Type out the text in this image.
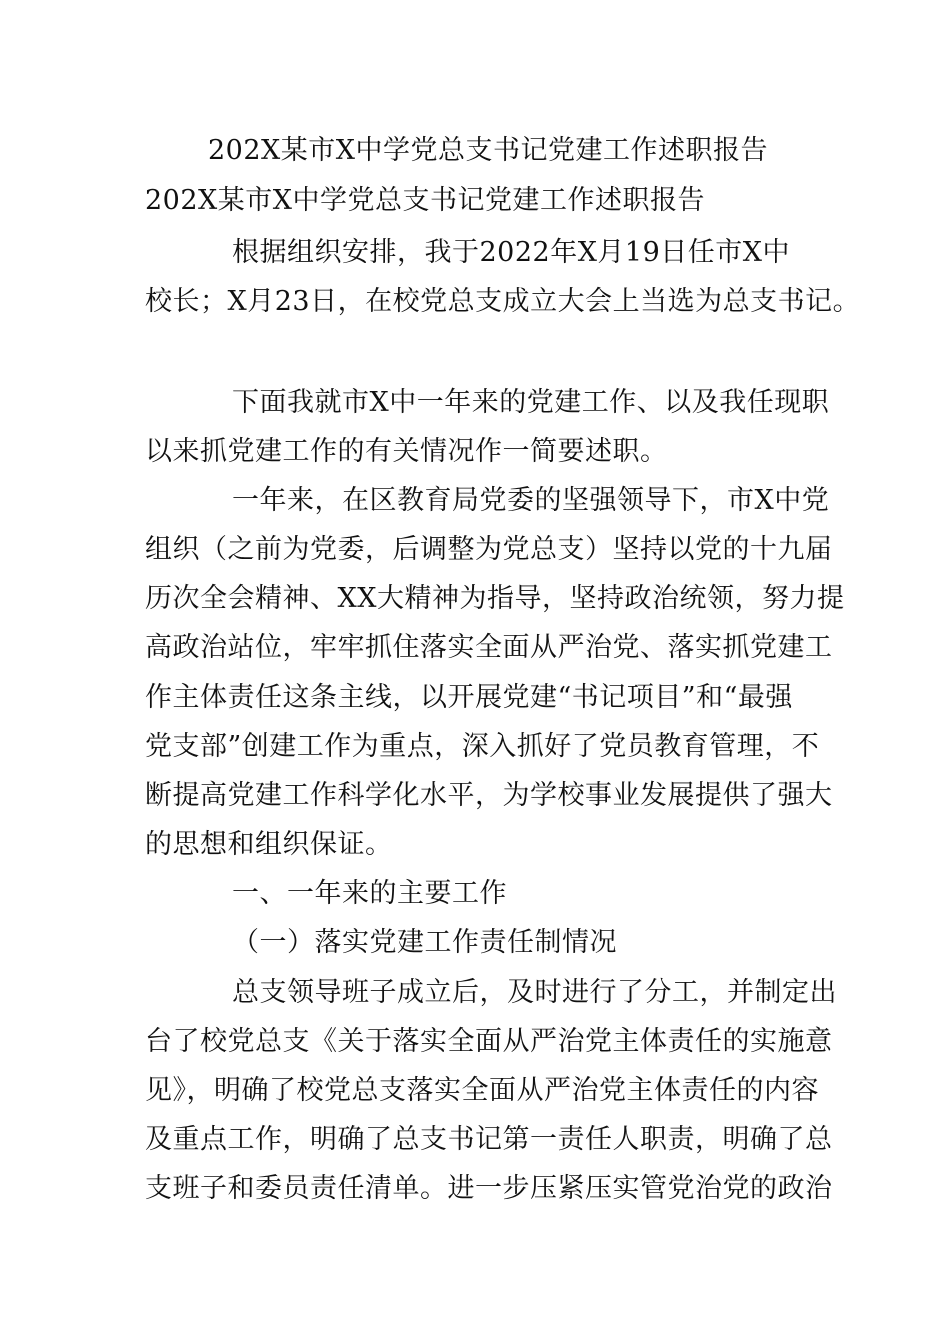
202X某市X中学党总支书记党建工作述职报告
202X某市X中学党总支书记党建工作述职报告
根据组织安排，我于2022年X月19日任市X中
校长；X月23日，在校党总支成立大会上当选为总支书记。
下面我就市X中一年来的党建工作、以及我任现职
以来抓党建工作的有关情况作一简要述职。
一年来，在区教育局党委的坚强领导下，市X中党
组织（之前为党委，后调整为党总支）坚持以党的十九届
历次全会精神、XX大精神为指导，坚持政治统领，努力提
高政治站位，牢牢抓住落实全面从严治党、落实抓党建工
作主体责任这条主线，以开展党建“书记项目”和“最强
党支部”创建工作为重点，深入抓好了党员教育管理，不
断提高党建工作科学化水平，为学校事业发展提供了强大
的思想和组织保证。
一、一年来的主要工作
（一）落实党建工作责任制情况
总支领导班子成立后，及时进行了分工，并制定出
台了校党总支《关于落实全面从严治党主体责任的实施意
见》，明确了校党总支落实全面从严治党主体责任的内容
及重点工作，明确了总支书记第一责任人职责，明确了总
支班子和委员责任清单。进一步压紧压实管党治党的政治
